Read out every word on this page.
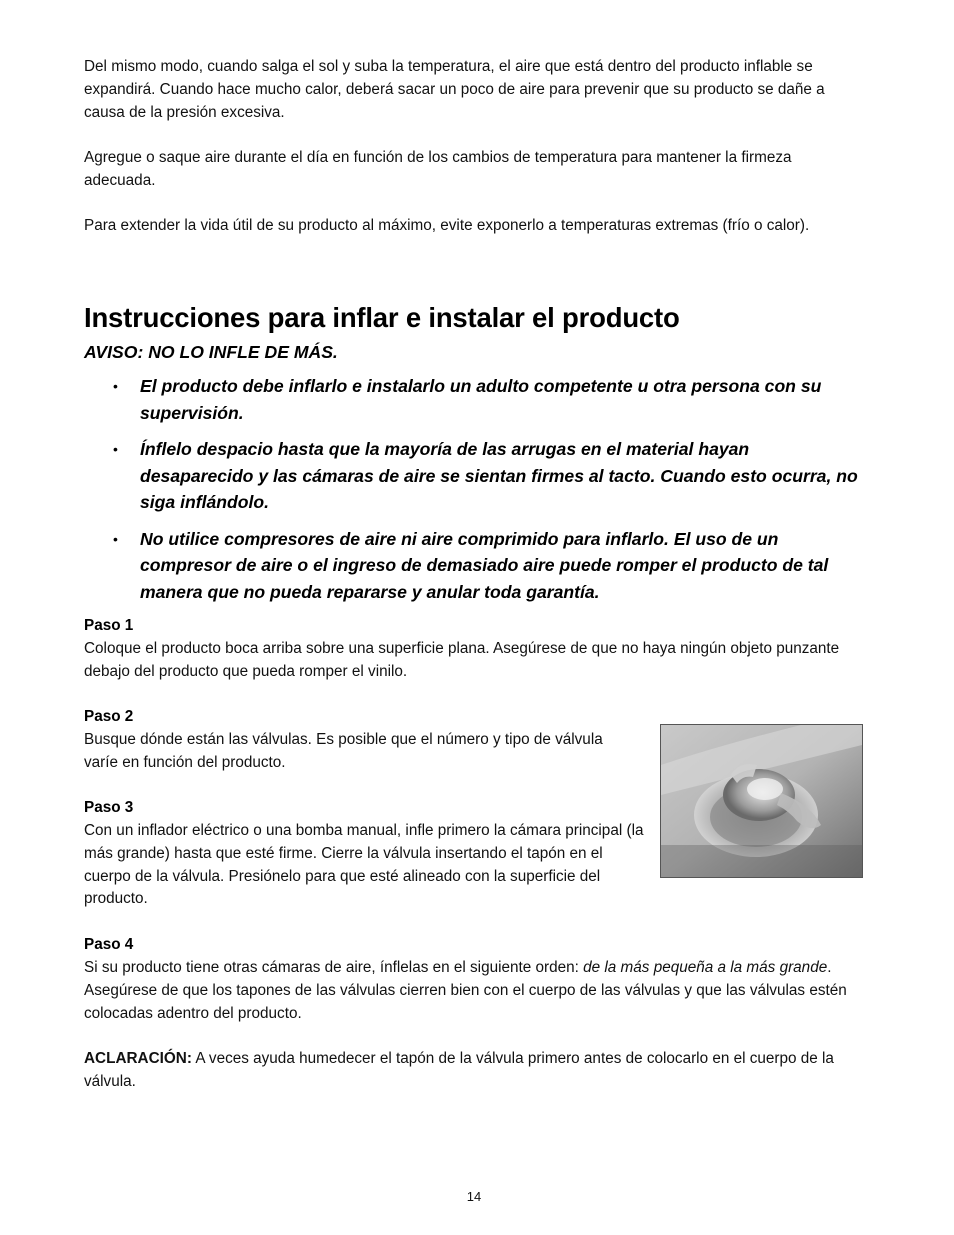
Del mismo modo, cuando salga el sol y suba la temperatura, el aire que está dentro del producto inflable se expandirá. Cuando hace mucho calor, deberá sacar un poco de aire para prevenir que su producto se dañe a causa de la presión excesiva.

Agregue o saque aire durante el día en función de los cambios de temperatura para mantener la firmeza adecuada.

Para extender la vida útil de su producto al máximo, evite exponerlo a temperaturas extremas (frío o calor).

Instrucciones para inflar e instalar el producto

AVISO: NO LO INFLE DE MÁS.

• El producto debe inflarlo e instalarlo un adulto competente u otra persona con su supervisión.
• Ínflelo despacio hasta que la mayoría de las arrugas en el material hayan desaparecido y las cámaras de aire se sientan firmes al tacto. Cuando esto ocurra, no siga inflándolo.
• No utilice compresores de aire ni aire comprimido para inflarlo. El uso de un compresor de aire o el ingreso de demasiado aire puede romper el producto de tal manera que no pueda repararse y anular toda garantía.

Paso 1

Coloque el producto boca arriba sobre una superficie plana. Asegúrese de que no haya ningún objeto punzante debajo del producto que pueda romper el vinilo.

Paso 2

Busque dónde están las válvulas. Es posible que el número y tipo de válvula varíe en función del producto.

Paso 3

Con un inflador eléctrico o una bomba manual, infle primero la cámara principal (la más grande) hasta que esté firme. Cierre la válvula insertando el tapón en el cuerpo de la válvula. Presiónelo para que esté alineado con la superficie del producto.

Paso 4

Si su producto tiene otras cámaras de aire, ínflelas en el siguiente orden: de la más pequeña a la más grande. Asegúrese de que los tapones de las válvulas cierren bien con el cuerpo de las válvulas y que las válvulas estén colocadas adentro del producto.

ACLARACIÓN: A veces ayuda humedecer el tapón de la válvula primero antes de colocarlo en el cuerpo de la válvula.

14
